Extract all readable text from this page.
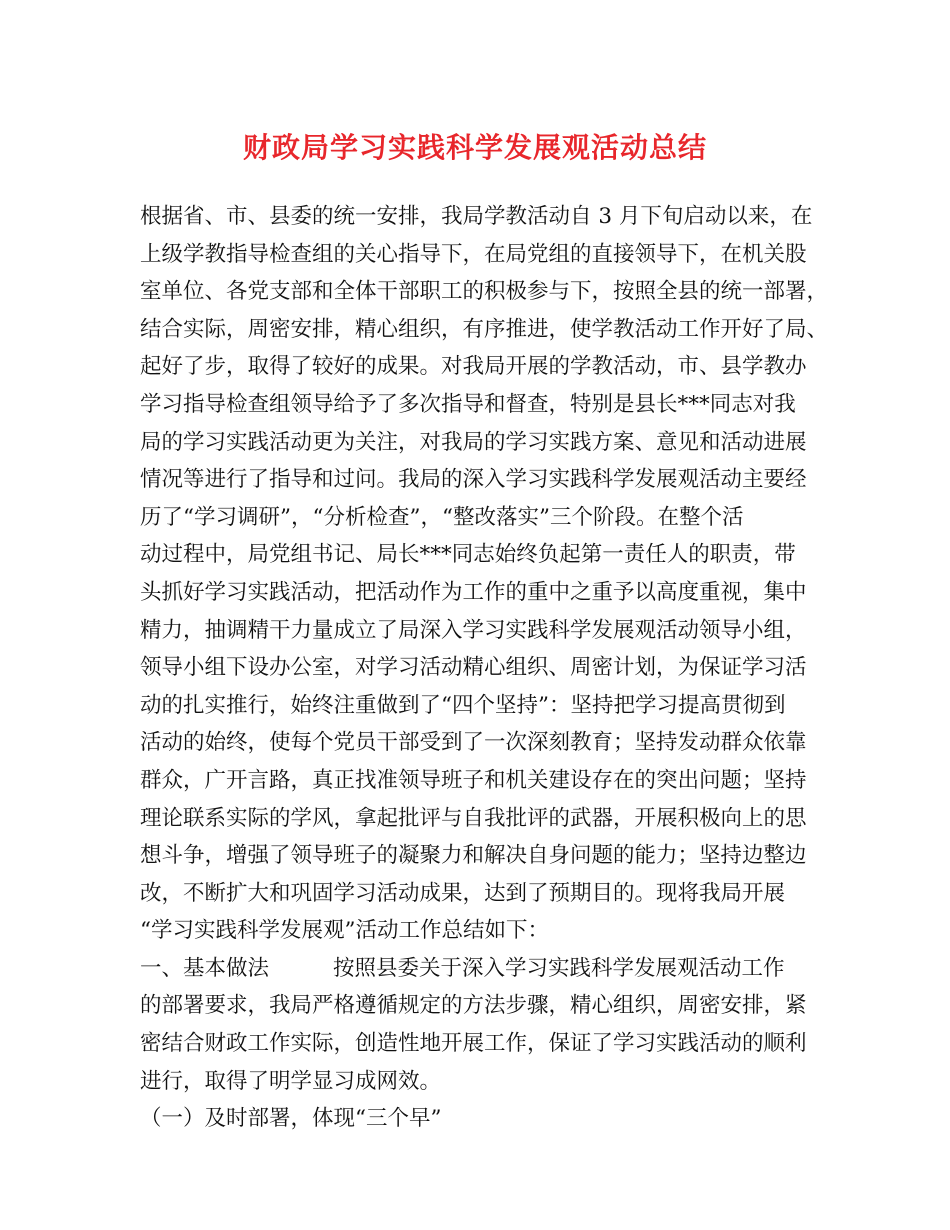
财政局学习实践科学发展观活动总结
根据省、市、县委的统一安排，我局学教活动自 3 月下旬启动以来，在
上级学教指导检查组的关心指导下，在局党组的直接领导下，在机关股
室单位、各党支部和全体干部职工的积极参与下，按照全县的统一部署，
结合实际，周密安排，精心组织，有序推进，使学教活动工作开好了局、
起好了步，取得了较好的成果。对我局开展的学教活动，市、县学教办
学习指导检查组领导给予了多次指导和督查，特别是县长***同志对我
局的学习实践活动更为关注，对我局的学习实践方案、意见和活动进展
情况等进行了指导和过问。我局的深入学习实践科学发展观活动主要经
历了“学习调研”，“分析检查”，“整改落实”三个阶段。在整个活
动过程中，局党组书记、局长***同志始终负起第一责任人的职责，带
头抓好学习实践活动，把活动作为工作的重中之重予以高度重视，集中
精力，抽调精干力量成立了局深入学习实践科学发展观活动领导小组，
领导小组下设办公室，对学习活动精心组织、周密计划，为保证学习活
动的扎实推行，始终注重做到了“四个坚持”：坚持把学习提高贯彻到
活动的始终，使每个党员干部受到了一次深刻教育；坚持发动群众依靠
群众，广开言路，真正找准领导班子和机关建设存在的突出问题；坚持
理论联系实际的学风，拿起批评与自我批评的武器，开展积极向上的思
想斗争，增强了领导班子的凝聚力和解决自身问题的能力；坚持边整边
改，不断扩大和巩固学习活动成果，达到了预期目的。现将我局开展
“学习实践科学发展观”活动工作总结如下：
一、基本做法	按照县委关于深入学习实践科学发展观活动工作
的部署要求，我局严格遵循规定的方法步骤，精心组织，周密安排，紧
密结合财政工作实际，创造性地开展工作，保证了学习实践活动的顺利
进行，取得了明学显习成网效。
（一）及时部署，体现“三个早”
